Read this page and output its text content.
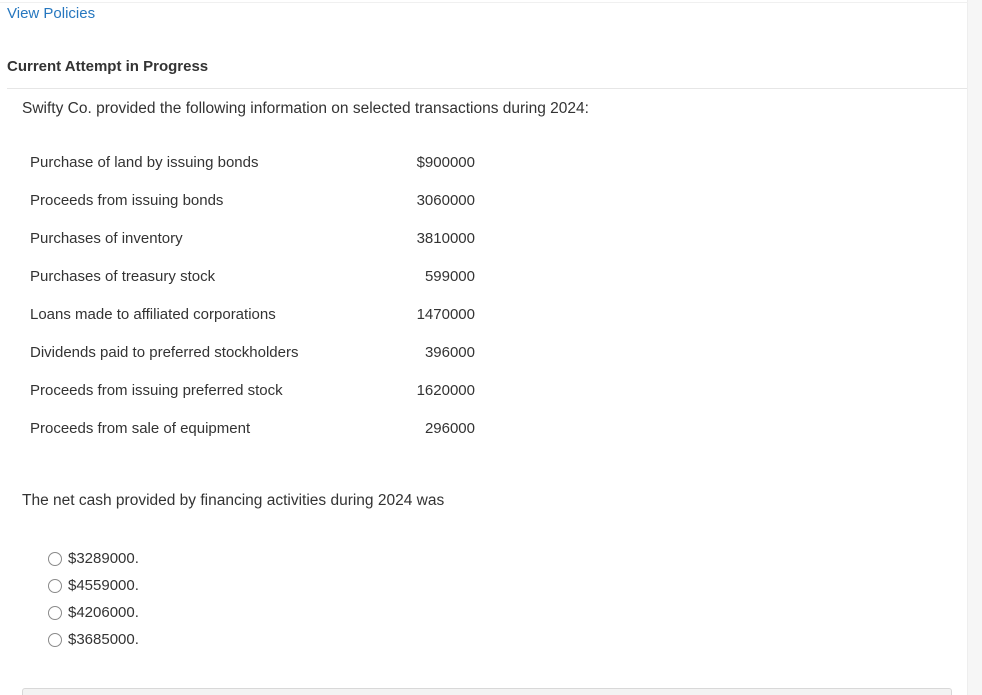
View Policies
Current Attempt in Progress
Swifty Co. provided the following information on selected transactions during 2024:
Purchase of land by issuing bonds	$900000
Proceeds from issuing bonds	3060000
Purchases of inventory	3810000
Purchases of treasury stock	599000
Loans made to affiliated corporations	1470000
Dividends paid to preferred stockholders	396000
Proceeds from issuing preferred stock	1620000
Proceeds from sale of equipment	296000
The net cash provided by financing activities during 2024 was
$3289000.
$4559000.
$4206000.
$3685000.
